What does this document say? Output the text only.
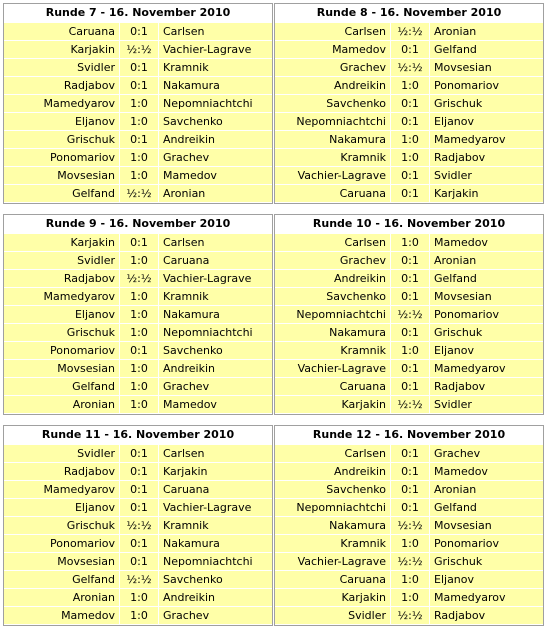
Runde 7 - 16. November 2010
Caruana	0:1	Carlsen
Karjakin	½:½	Vachier-Lagrave
Svidler	0:1	Kramnik
Radjabov	0:1	Nakamura
Mamedyarov	1:0	Nepomniachtchi
Eljanov	1:0	Savchenko
Grischuk	0:1	Andreikin
Ponomariov	1:0	Grachev
Movsesian	1:0	Mamedov
Gelfand	½:½	Aronian
Runde 8 - 16. November 2010
Carlsen	½:½	Aronian
Mamedov	0:1	Gelfand
Grachev	½:½	Movsesian
Andreikin	1:0	Ponomariov
Savchenko	0:1	Grischuk
Nepomniachtchi	0:1	Eljanov
Nakamura	1:0	Mamedyarov
Kramnik	1:0	Radjabov
Vachier-Lagrave	0:1	Svidler
Caruana	0:1	Karjakin
Runde 9 - 16. November 2010
Karjakin	0:1	Carlsen
Svidler	1:0	Caruana
Radjabov	½:½	Vachier-Lagrave
Mamedyarov	1:0	Kramnik
Eljanov	1:0	Nakamura
Grischuk	1:0	Nepomniachtchi
Ponomariov	0:1	Savchenko
Movsesian	1:0	Andreikin
Gelfand	1:0	Grachev
Aronian	1:0	Mamedov
Runde 10 - 16. November 2010
Carlsen	1:0	Mamedov
Grachev	0:1	Aronian
Andreikin	0:1	Gelfand
Savchenko	0:1	Movsesian
Nepomniachtchi	½:½	Ponomariov
Nakamura	0:1	Grischuk
Kramnik	1:0	Eljanov
Vachier-Lagrave	0:1	Mamedyarov
Caruana	0:1	Radjabov
Karjakin	½:½	Svidler
Runde 11 - 16. November 2010
Svidler	0:1	Carlsen
Radjabov	0:1	Karjakin
Mamedyarov	0:1	Caruana
Eljanov	0:1	Vachier-Lagrave
Grischuk	½:½	Kramnik
Ponomariov	0:1	Nakamura
Movsesian	0:1	Nepomniachtchi
Gelfand	½:½	Savchenko
Aronian	1:0	Andreikin
Mamedov	1:0	Grachev
Runde 12 - 16. November 2010
Carlsen	0:1	Grachev
Andreikin	0:1	Mamedov
Savchenko	0:1	Aronian
Nepomniachtchi	0:1	Gelfand
Nakamura	½:½	Movsesian
Kramnik	1:0	Ponomariov
Vachier-Lagrave	½:½	Grischuk
Caruana	1:0	Eljanov
Karjakin	1:0	Mamedyarov
Svidler	½:½	Radjabov
